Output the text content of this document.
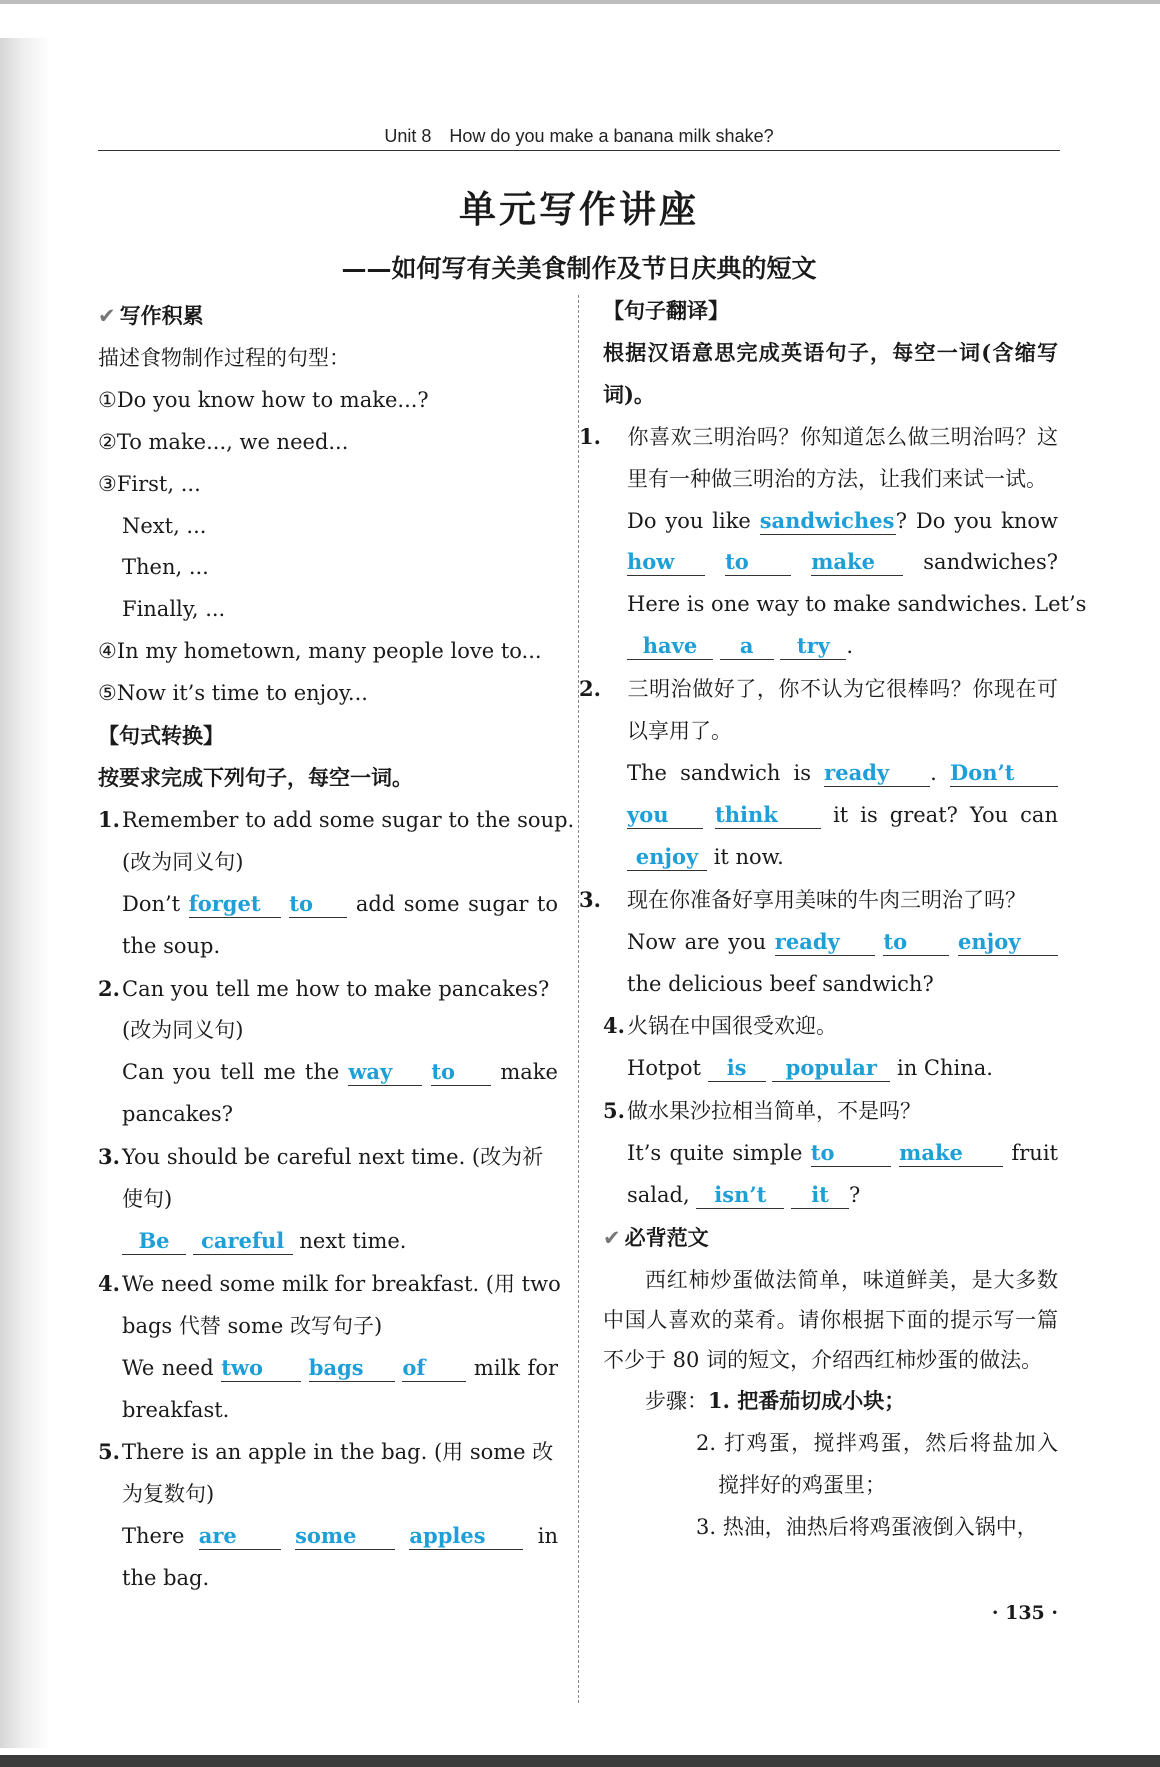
Unit 8　How do you make a banana milk shake?
单元写作讲座
——如何写有关美食制作及节日庆典的短文
✔ 写作积累
描述食物制作过程的句型：
①Do you know how to make...?
②To make..., we need...
③First, ...
Next, ...
Then, ...
Finally, ...
④In my hometown, many people love to...
⑤Now it’s time to enjoy...
【句式转换】
按要求完成下列句子，每空一词。
1.Remember to add some sugar to the soup.
(改为同义句)
Don’t forget to add some sugar to
the soup.
2.Can you tell me how to make pancakes?
(改为同义句)
Can you tell me the way to make
pancakes?
3.You should be careful next time. (改为祈
使句)
Be careful next time.
4.We need some milk for breakfast. (用 two
bags 代替 some 改写句子)
We need two bags of milk for
breakfast.
5.There is an apple in the bag. (用 some 改
为复数句)
There are	some	apples in
the bag.
【句子翻译】
根据汉语意思完成英语句子，每空一词(含缩写词)。
1. 你喜欢三明治吗？你知道怎么做三明治吗？这里有一种做三明治的方法，让我们来试一试。
Do you like sandwiches? Do you know
how to	make sandwiches?
Here is one way to make sandwiches. Let’s
have a try .
2. 三明治做好了，你不认为它很棒吗？你现在可以享用了。
The sandwich is ready . Don’t
you think	it is great? You can
enjoy it now.
3. 现在你准备好享用美味的牛肉三明治了吗？
Now are you ready to enjoy
the delicious beef sandwich?
4.火锅在中国很受欢迎。
Hotpot is popular in China.
5.做水果沙拉相当简单，不是吗？
It’s quite simple to	make fruit
salad, isn’t it ?
✔ 必背范文

西红柿炒蛋做法简单，味道鲜美，是大多数中国人喜欢的菜肴。请你根据下面的提示写一篇不少于 80 词的短文，介绍西红柿炒蛋的做法。

步骤：1. 把番茄切成小块；
2. 打鸡蛋，搅拌鸡蛋，然后将盐加入搅拌好的鸡蛋里；
3. 热油，油热后将鸡蛋液倒入锅中，
· 135 ·
